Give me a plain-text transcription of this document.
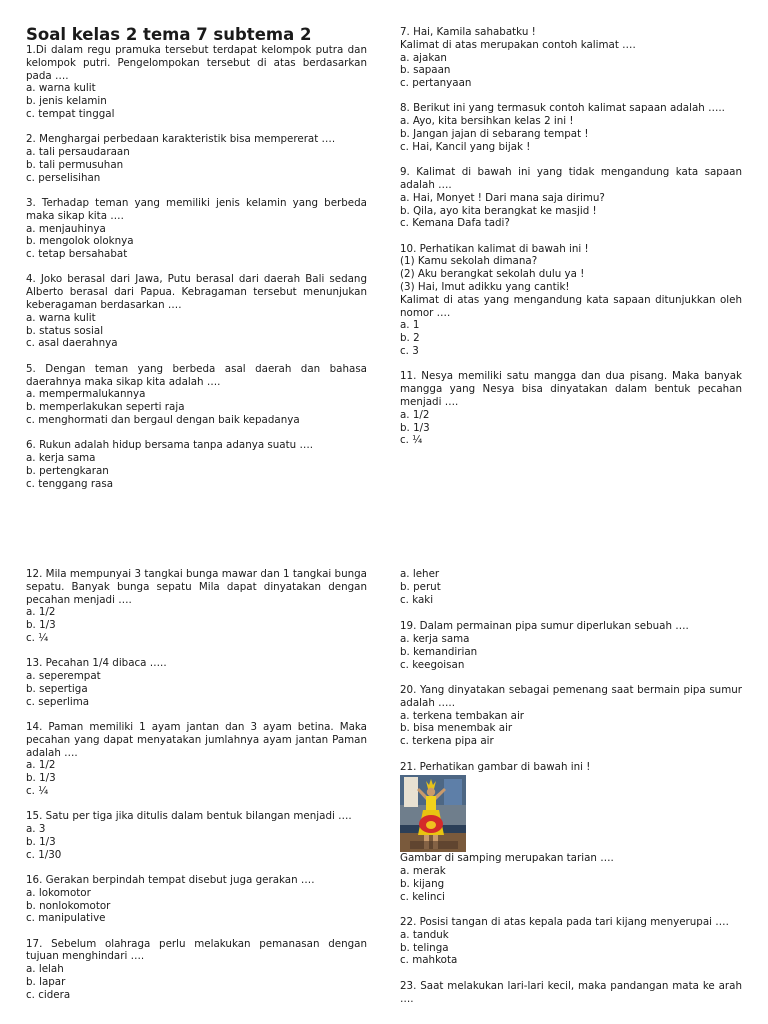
Soal kelas 2 tema 7 subtema 2

1.Di dalam regu pramuka tersebut terdapat kelompok putra dan kelompok putri. Pengelompokan tersebut di atas berdasarkan pada ….

a. warna kulit

b. jenis kelamin

c. tempat tinggal

2. Menghargai perbedaan karakteristik bisa mempererat ….

a. tali persaudaraan

b. tali permusuhan

c. perselisihan

3. Terhadap teman yang memiliki jenis kelamin yang berbeda maka sikap kita ….

a. menjauhinya

b. mengolok oloknya

c. tetap bersahabat

4. Joko berasal dari Jawa, Putu berasal dari daerah Bali sedang Alberto berasal dari Papua. Kebragaman tersebut menunjukan keberagaman berdasarkan ….

a. warna kulit

b. status sosial

c. asal daerahnya

5. Dengan teman yang berbeda asal daerah dan bahasa daerahnya maka sikap kita adalah ….

a. mempermalukannya

b. memperlakukan seperti raja

c. menghormati dan bergaul dengan baik kepadanya

6. Rukun adalah hidup bersama tanpa adanya suatu ….

a. kerja sama

b. pertengkaran

c. tenggang rasa

7. Hai, Kamila sahabatku !

Kalimat di atas merupakan contoh kalimat ….

a. ajakan

b. sapaan

c. pertanyaan

8. Berikut ini yang termasuk contoh kalimat sapaan adalah …..

a. Ayo, kita bersihkan kelas 2 ini !

b. Jangan jajan di sebarang tempat !

c. Hai, Kancil yang bijak !

9. Kalimat di bawah ini yang tidak mengandung kata sapaan adalah ….

a. Hai, Monyet ! Dari mana saja dirimu?

b. Qila, ayo kita berangkat ke masjid !

c. Kemana Dafa tadi?

10. Perhatikan kalimat di bawah ini !

(1) Kamu sekolah dimana?

(2) Aku berangkat sekolah dulu ya !

(3) Hai, Imut adikku yang cantik!

Kalimat di atas yang mengandung kata sapaan ditunjukkan oleh nomor ….

a. 1

b. 2

c. 3

11. Nesya memiliki satu mangga dan dua pisang. Maka banyak mangga yang Nesya bisa dinyatakan dalam bentuk pecahan menjadi ….

a. 1/2

b. 1/3

c. ¼

12. Mila mempunyai 3 tangkai bunga mawar dan 1 tangkai bunga sepatu. Banyak bunga sepatu Mila dapat dinyatakan dengan pecahan menjadi ….

a. 1/2

b. 1/3

c. ¼

13. Pecahan 1/4 dibaca …..

a. seperempat

b. sepertiga

c. seperlima

14. Paman memiliki 1 ayam jantan dan 3 ayam betina. Maka pecahan yang dapat menyatakan jumlahnya ayam jantan Paman adalah ….

a. 1/2

b. 1/3

c. ¼

15. Satu per tiga jika ditulis dalam bentuk bilangan menjadi ….

a. 3

b. 1/3

c. 1/30

16. Gerakan berpindah tempat disebut juga gerakan ….

a. lokomotor

b. nonlokomotor

c. manipulative

17. Sebelum olahraga perlu melakukan pemanasan dengan tujuan menghindari ….

a. lelah

b. lapar

c. cidera

a. leher

b. perut

c. kaki

19. Dalam permainan pipa sumur diperlukan sebuah ….

a. kerja sama

b. kemandirian

c. keegoisan

20. Yang dinyatakan sebagai pemenang saat bermain pipa sumur adalah …..

a. terkena tembakan air

b. bisa menembak air

c. terkena pipa air

21. Perhatikan gambar di bawah ini !

Gambar di samping merupakan tarian ….

a. merak

b. kijang

c. kelinci

22. Posisi tangan di atas kepala pada tari kijang menyerupai ….

a. tanduk

b. telinga

c. mahkota

23. Saat melakukan lari-lari kecil, maka pandangan mata ke arah ….
